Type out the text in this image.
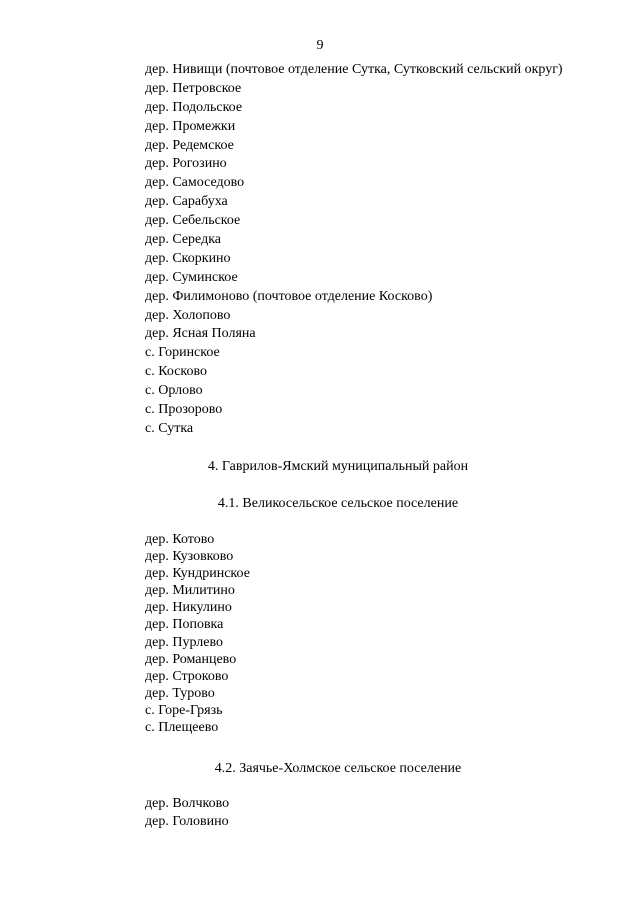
9
дер. Нивищи (почтовое отделение Сутка, Сутковский сельский округ)
дер. Петровское
дер. Подольское
дер. Промежки
дер. Редемское
дер. Рогозино
дер. Самоседово
дер. Сарабуха
дер. Себельское
дер. Середка
дер. Скоркино
дер. Суминское
дер. Филимоново (почтовое отделение Косково)
дер. Холопово
дер. Ясная Поляна
с. Горинское
с. Косково
с. Орлово
с. Прозорово
с. Сутка
4. Гаврилов-Ямский муниципальный район
4.1. Великосельское сельское поселение
дер. Котово
дер. Кузовково
дер. Кундринское
дер. Милитино
дер. Никулино
дер. Поповка
дер. Пурлево
дер. Романцево
дер. Строково
дер. Турово
с. Горе-Грязь
с. Плещеево
4.2. Заячье-Холмское сельское поселение
дер. Волчково
дер. Головино
